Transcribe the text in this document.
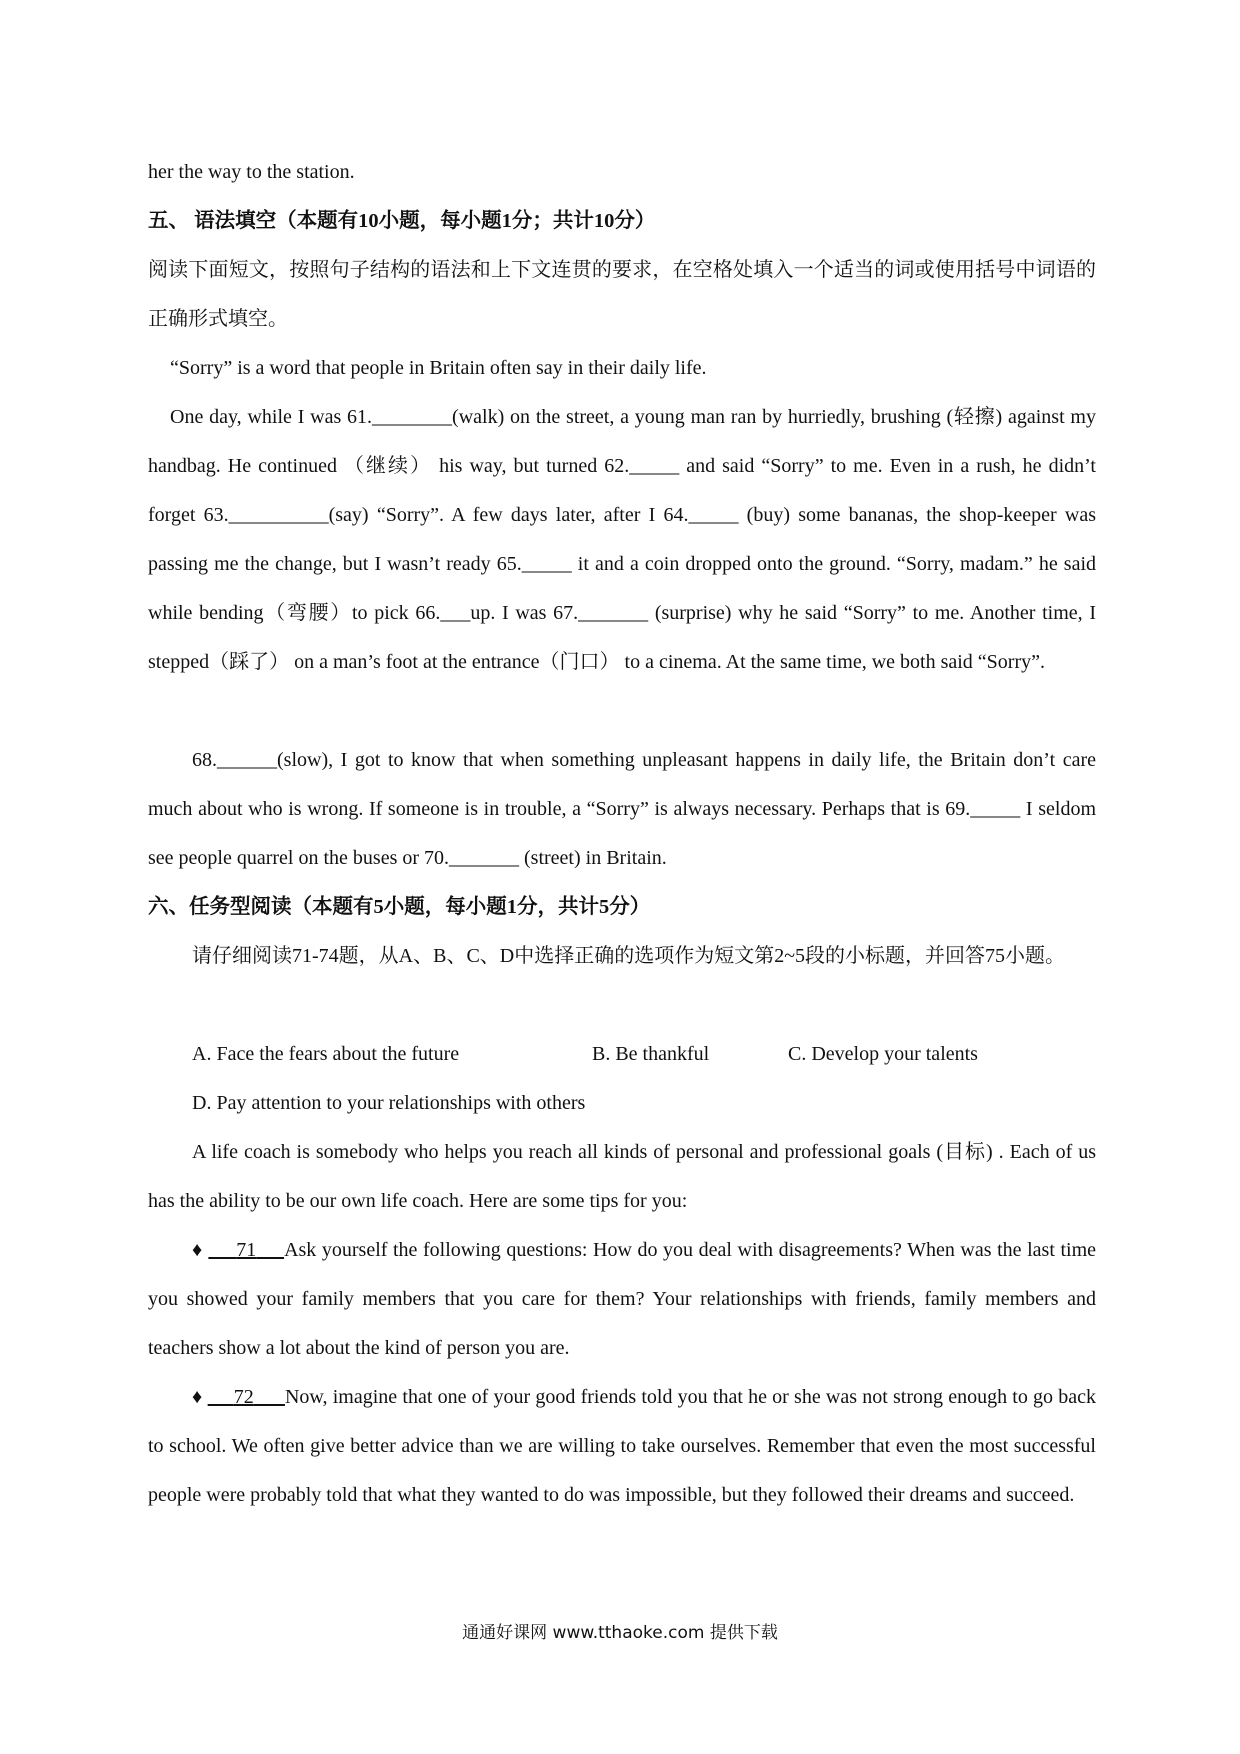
her the way to the station.
五、 语法填空（本题有10小题，每小题1分；共计10分）
阅读下面短文，按照句子结构的语法和上下文连贯的要求，在空格处填入一个适当的词或使用括号中词语的正确形式填空。
“Sorry” is a word that people in Britain often say in their daily life.
One day, while I was 61.________(walk) on the street, a young man ran by hurriedly, brushing (轻擦) against my handbag. He continued （继续） his way, but turned 62._____ and said “Sorry” to me. Even in a rush, he didn’t forget 63.__________(say) “Sorry”. A few days later, after I 64._____ (buy) some bananas, the shop-keeper was passing me the change, but I wasn’t ready 65._____ it and a coin dropped onto the ground. “Sorry, madam.” he said while bending（弯腰）to pick 66.___up. I was 67._______ (surprise) why he said “Sorry” to me. Another time, I stepped（踩了） on a man’s foot at the entrance（门口） to a cinema. At the same time, we both said “Sorry”.
68.______(slow), I got to know that when something unpleasant happens in daily life, the Britain don’t care much about who is wrong. If someone is in trouble, a “Sorry” is always necessary. Perhaps that is 69._____ I seldom see people quarrel on the buses or 70._______ (street) in Britain.
六、任务型阅读（本题有5小题，每小题1分，共计5分）
请仔细阅读71-74题，从A、B、C、D中选择正确的选项作为短文第2~5段的小标题，并回答75小题。
A. Face the fears about the future	B. Be thankful	C. Develop your talents
D. Pay attention to your relationships with others
A life coach is somebody who helps you reach all kinds of personal and professional goals (目标) . Each of us has the ability to be our own life coach. Here are some tips for you:
♦ 71 Ask yourself the following questions: How do you deal with disagreements? When was the last time you showed your family members that you care for them? Your relationships with friends, family members and teachers show a lot about the kind of person you are.
♦ 72 Now, imagine that one of your good friends told you that he or she was not strong enough to go back to school. We often give better advice than we are willing to take ourselves. Remember that even the most successful people were probably told that what they wanted to do was impossible, but they followed their dreams and succeed.
通通好课网 www.tthaoke.com 提供下载
